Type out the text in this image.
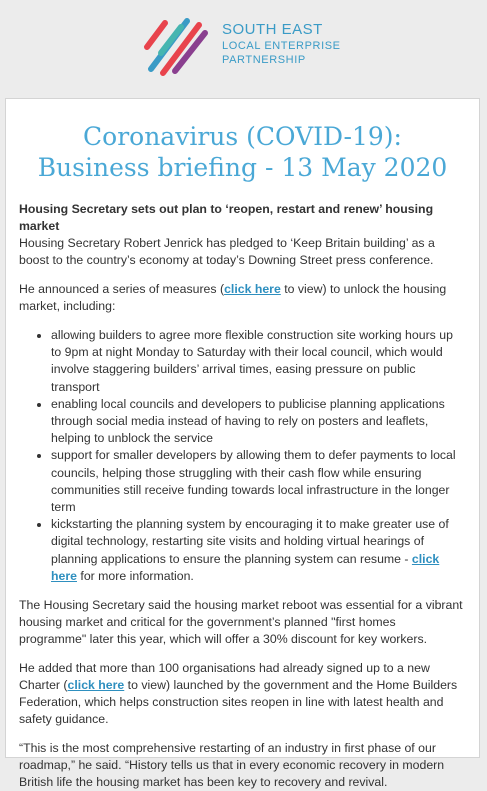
SOUTH EAST
LOCAL ENTERPRISE
PARTNERSHIP
Coronavirus (COVID-19): Business briefing - 13 May 2020

Housing Secretary sets out plan to ‘reopen, restart and renew’ housing market
Housing Secretary Robert Jenrick has pledged to ‘Keep Britain building’ as a boost to the country’s economy at today’s Downing Street press conference.

He announced a series of measures (click here to view) to unlock the housing market, including:

• allowing builders to agree more flexible construction site working hours up to 9pm at night Monday to Saturday with their local council, which would involve staggering builders’ arrival times, easing pressure on public transport
• enabling local councils and developers to publicise planning applications through social media instead of having to rely on posters and leaflets, helping to unblock the service
• support for smaller developers by allowing them to defer payments to local councils, helping those struggling with their cash flow while ensuring communities still receive funding towards local infrastructure in the longer term
• kickstarting the planning system by encouraging it to make greater use of digital technology, restarting site visits and holding virtual hearings of planning applications to ensure the planning system can resume - click here for more information.

The Housing Secretary said the housing market reboot was essential for a vibrant housing market and critical for the government’s planned "first homes programme" later this year, which will offer a 30% discount for key workers.

He added that more than 100 organisations had already signed up to a new Charter (click here to view) launched by the government and the Home Builders Federation, which helps construction sites reopen in line with latest health and safety guidance.

“This is the most comprehensive restarting of an industry in first phase of our roadmap,” he said. “History tells us that in every economic recovery in modern British life the housing market has been key to recovery and revival.
